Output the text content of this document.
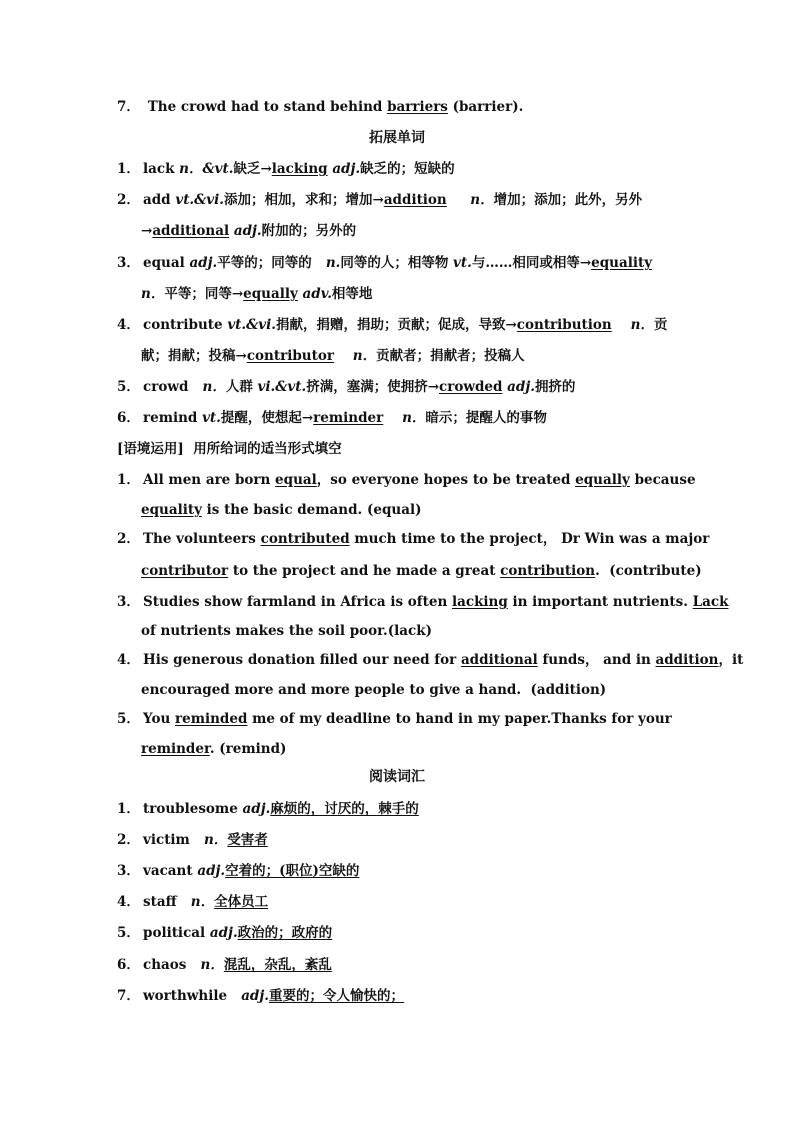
7． The crowd had to stand behind barriers (barrier).
拓展单词
1． lack n．&vt.缺乏→lacking adj.缺乏的；短缺的
2． add vt.&vi.添加；相加，求和；增加→addition n．增加；添加；此外，另外
→additional adj.附加的；另外的
3． equal adj.平等的；同等的 n.同等的人；相等物 vt.与……相同或相等→equality
n．平等；同等→equally adv.相等地
4． contribute vt.&vi.捐献，捐赠，捐助；贡献；促成，导致→contribution n．贡
献；捐献；投稿→contributor n．贡献者；捐献者；投稿人
5． crowd n．人群 vi.&vt.挤满，塞满；使拥挤→crowded adj.拥挤的
6． remind vt.提醒，使想起→reminder n．暗示；提醒人的事物
[语境运用] 用所给词的适当形式填空
1． All men are born equal，so everyone hopes to be treated equally because
equality is the basic demand. (equal)
2． The volunteers contributed much time to the project， Dr Win was a major
contributor to the project and he made a great contribution. (contribute)
3． Studies show farmland in Africa is often lacking in important nutrients. Lack
of nutrients makes the soil poor.(lack)
4． His generous donation filled our need for additional funds， and in addition，it
encouraged more and more people to give a hand. (addition)
5． You reminded me of my deadline to hand in my paper.Thanks for your
reminder. (remind)
阅读词汇
1． troublesome adj.麻烦的，讨厌的，棘手的
2． victim n．受害者
3． vacant adj.空着的；(职位)空缺的
4． staff n．全体员工
5． political adj.政治的；政府的
6． chaos n．混乱，杂乱，紊乱
7． worthwhile adj.重要的；令人愉快的；
